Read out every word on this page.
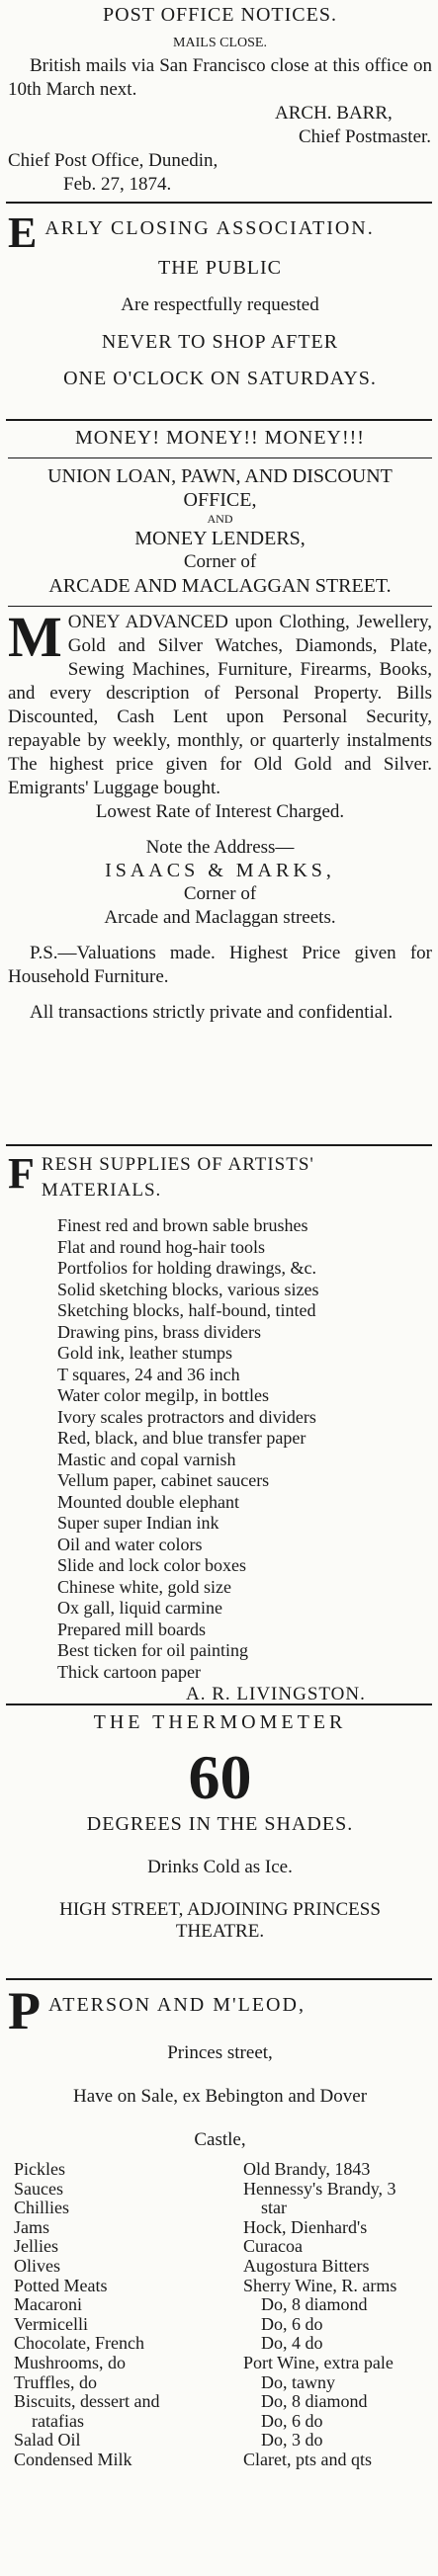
POST OFFICE NOTICES.
MAILS CLOSE.
British mails via San Francisco close at this office on 10th March next.
ARCH. BARR,
Chief Postmaster.
Chief Post Office, Dunedin,
Feb. 27, 1874.
E ARLY CLOSING ASSOCIATION.
THE PUBLIC
Are respectfully requested
NEVER TO SHOP AFTER
ONE O'CLOCK ON SATURDAYS.
MONEY! MONEY!! MONEY!!!
UNION LOAN, PAWN, AND DISCOUNT
OFFICE,
AND
MONEY LENDERS,
Corner of
ARCADE AND MACLAGGAN STREET.
M ONEY ADVANCED upon Clothing, Jewellery, Gold and Silver Watches, Diamonds, Plate, Sewing Machines, Furniture, Firearms, Books, and every description of Personal Property. Bills Discounted, Cash Lent upon Personal Security, repayable by weekly, monthly, or quarterly instalments The highest price given for Old Gold and Silver. Emigrants' Luggage bought.
Lowest Rate of Interest Charged.
Note the Address—
ISAACS & MARKS,
Corner of
Arcade and Maclaggan streets.
P.S.—Valuations made. Highest Price given for Household Furniture.
All transactions strictly private and confidential.
F RESH SUPPLIES OF ARTISTS' MATERIALS.
Finest red and brown sable brushes
Flat and round hog-hair tools
Portfolios for holding drawings, &c.
Solid sketching blocks, various sizes
Sketching blocks, half-bound, tinted
Drawing pins, brass dividers
Gold ink, leather stumps
T squares, 24 and 36 inch
Water color megilp, in bottles
Ivory scales protractors and dividers
Red, black, and blue transfer paper
Mastic and copal varnish
Vellum paper, cabinet saucers
Mounted double elephant
Super super Indian ink
Oil and water colors
Slide and lock color boxes
Chinese white, gold size
Ox gall, liquid carmine
Prepared mill boards
Best ticken for oil painting
Thick cartoon paper
A. R. LIVINGSTON.
THE THERMOMETER
60
DEGREES IN THE SHADES.
Drinks Cold as Ice.
HIGH STREET, ADJOINING PRINCESS
THEATRE.
P ATERSON AND M'LEOD,
Princes street,
Have on Sale, ex Bebington and Dover
Castle,
Pickles
Sauces
Chillies
Jams
Jellies
Olives
Potted Meats
Macaroni
Vermicelli
Chocolate, French
Mushrooms, do
Truffles, do
Biscuits, dessert and
ratafias
Salad Oil
Condensed Milk
Old Brandy, 1843
Hennessy's Brandy, 3
star
Hock, Dienhard's
Curacoa
Augostura Bitters
Sherry Wine, R. arms
Do, 8 diamond
Do, 6 do
Do, 4 do
Port Wine, extra pale
Do, tawny
Do, 8 diamond
Do, 6 do
Do, 3 do
Claret, pts and qts
